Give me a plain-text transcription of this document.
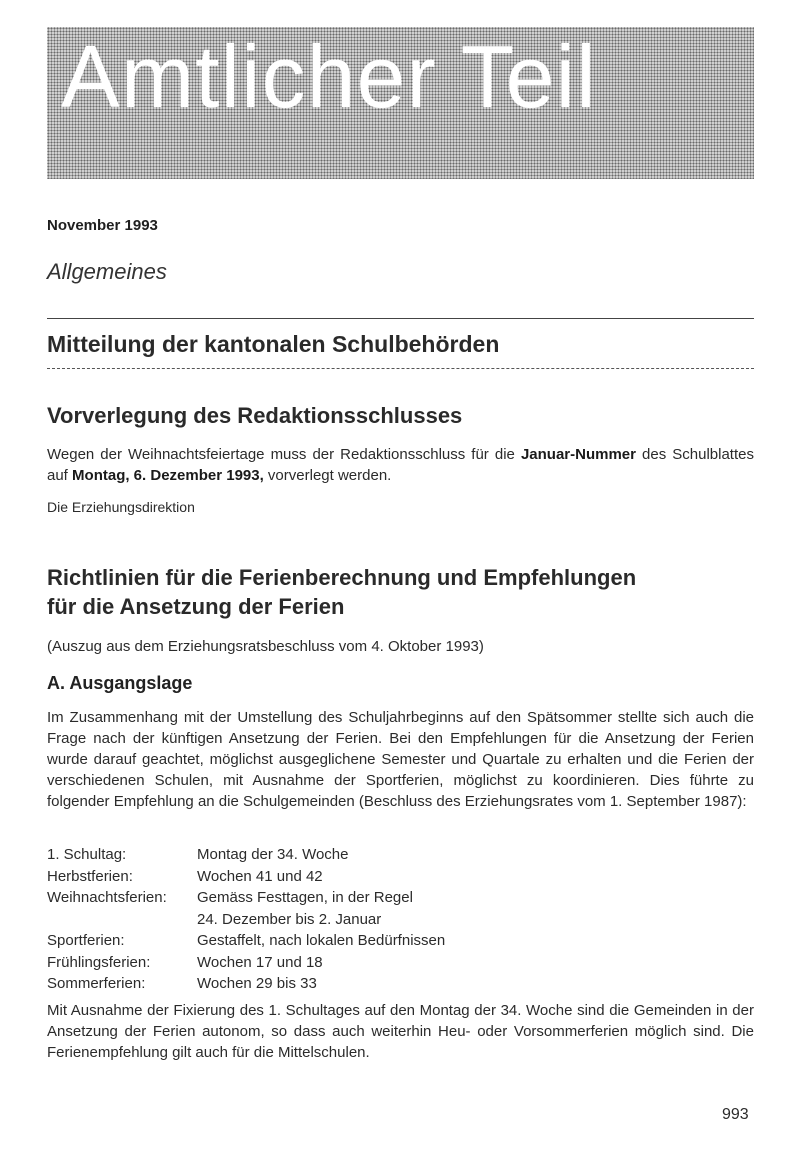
Amtlicher Teil
November 1993
Allgemeines
Mitteilung der kantonalen Schulbehörden
Vorverlegung des Redaktionsschlusses
Wegen der Weihnachtsfeiertage muss der Redaktionsschluss für die Januar-Nummer des Schulblattes auf Montag, 6. Dezember 1993, vorverlegt werden.
Die Erziehungsdirektion
Richtlinien für die Ferienberechnung und Empfehlungen
für die Ansetzung der Ferien
(Auszug aus dem Erziehungsratsbeschluss vom 4. Oktober 1993)
A. Ausgangslage
Im Zusammenhang mit der Umstellung des Schuljahrbeginns auf den Spätsommer stellte sich auch die Frage nach der künftigen Ansetzung der Ferien. Bei den Empfehlungen für die Ansetzung der Ferien wurde darauf geachtet, möglichst ausgeglichene Semester und Quartale zu erhalten und die Ferien der verschiedenen Schulen, mit Ausnahme der Sportferien, möglichst zu koordinieren. Dies führte zu folgender Empfehlung an die Schulgemeinden (Beschluss des Erziehungsrates vom 1. September 1987):
1. Schultag:	Montag der 34. Woche
Herbstferien:	Wochen 41 und 42
Weihnachtsferien:	Gemäss Festtagen, in der Regel
24. Dezember bis 2. Januar
Sportferien:	Gestaffelt, nach lokalen Bedürfnissen
Frühlingsferien:	Wochen 17 und 18
Sommerferien:	Wochen 29 bis 33
Mit Ausnahme der Fixierung des 1. Schultages auf den Montag der 34. Woche sind die Gemeinden in der Ansetzung der Ferien autonom, so dass auch weiterhin Heu- oder Vorsommerferien möglich sind. Die Ferienempfehlung gilt auch für die Mittelschulen.
993
